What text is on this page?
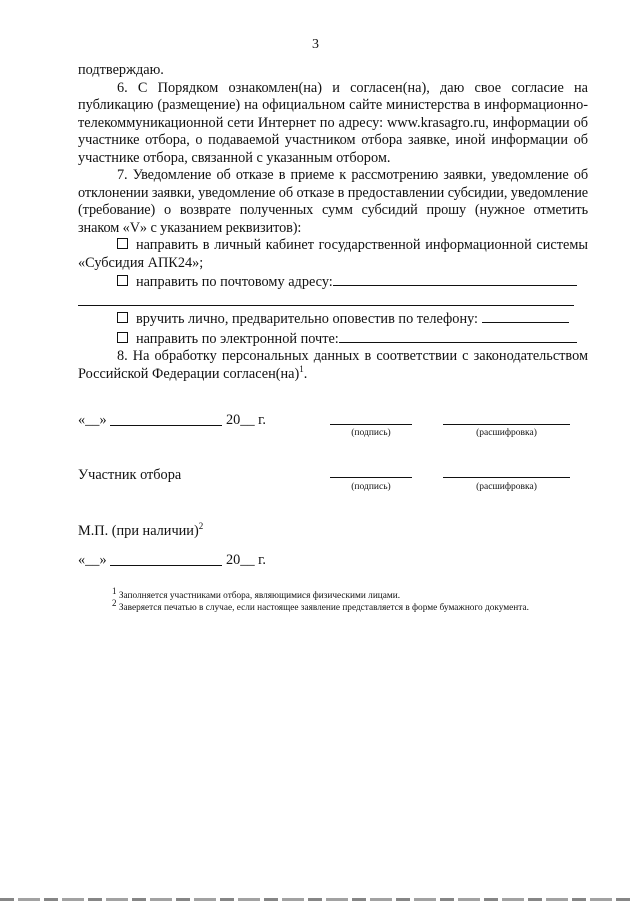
3

подтверждаю.

6. С Порядком ознакомлен(на) и согласен(на), даю свое согласие на публикацию (размещение) на официальном сайте министерства в информационно-телекоммуникационной сети Интернет по адресу: www.krasagro.ru, информации об участнике отбора, о подаваемой участником отбора заявке, иной информации об участнике отбора, связанной с указанным отбором.

7. Уведомление об отказе в приеме к рассмотрению заявки, уведомление об отклонении заявки, уведомление об отказе в предоставлении субсидии, уведомление (требование) о возврате полученных сумм субсидий прошу (нужное отметить знаком «V» с указанием реквизитов):

направить в личный кабинет государственной информационной системы «Субсидия АПК24»;

направить по почтовому адресу:

вручить лично, предварительно оповестив по телефону:

направить по электронной почте:

8. На обработку персональных данных в соответствии с законодательством Российской Федерации согласен(на)$^1$.

«__»	20__ г.
(подпись)	(расшифровка)
Участник отбора
(подпись)	(расшифровка)
М.П. (при наличии)$^2$
«__»	20__ г.

$^1$ Заполняется участниками отбора, являющимися физическими лицами.

$^2$ Заверяется печатью в случае, если настоящее заявление представляется в форме бумажного документа.
